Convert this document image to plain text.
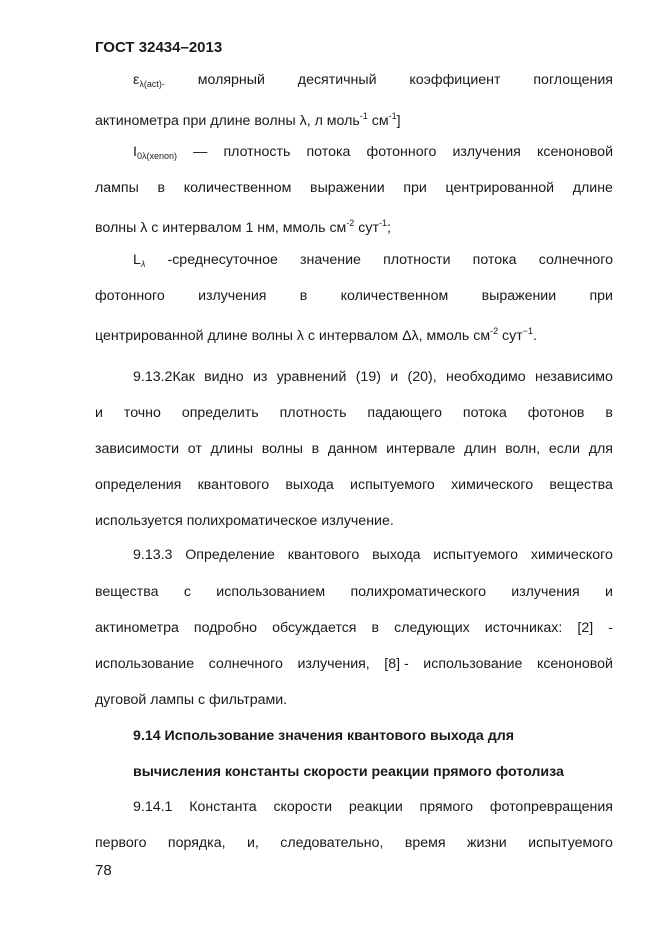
ГОСТ 32434–2013
$\varepsilon_{\lambda(act)-}$ молярный десятичный коэффициент поглощения
актинометра при длине волны λ, л моль$^{-1}$ $см^{-1}$]
$I_{0\lambda(xenon)}$ — плотность потока фотонного излучения ксеноновой
лампы в количественном выражении при центрированной длине
волны λ с интервалом 1 нм, ммоль $см^{-2}$ сут$^{-1}$;
$L_\lambda$ -среднесуточное значение плотности потока солнечного
фотонного излучения в количественном выражении при
центрированной длине волны λ с интервалом Δλ, ммоль $см^{-2}$ сут$^{-1}$.
9.13.2Как видно из уравнений (19) и (20), необходимо независимо
и точно определить плотность падающего потока фотонов в
зависимости от длины волны в данном интервале длин волн, если для
определения квантового выхода испытуемого химического вещества
используется полихроматическое излучение.
9.13.3 Определение квантового выхода испытуемого химического
вещества с использованием полихроматического излучения и
актинометра подробно обсуждается в следующих источниках: [2] -
использование солнечного излучения, [8] - использование ксеноновой
дуговой лампы с фильтрами.
9.14 Использование значения квантового выхода для
вычисления константы скорости реакции прямого фотолиза
9.14.1 Константа скорости реакции прямого фотопревращения
первого порядка, и, следовательно, время жизни испытуемого
78
